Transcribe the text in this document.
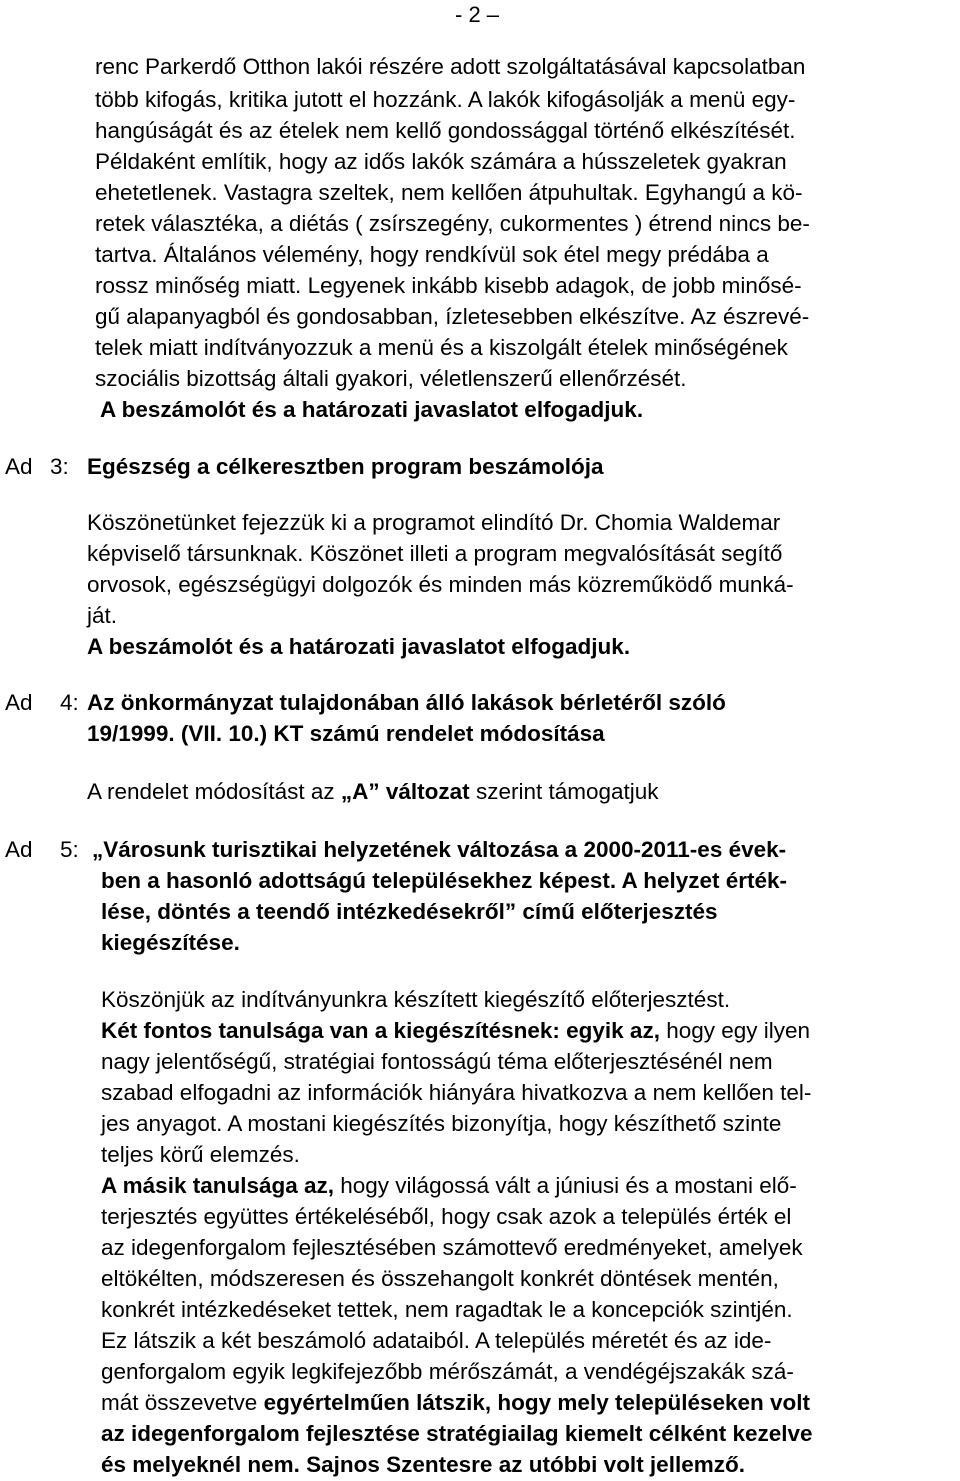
- 2 –
renc Parkerdő Otthon lakói részére adott szolgáltatásával kapcsolatban
több kifogás, kritika jutott el hozzánk. A lakók kifogásolják a menü egy-
hangúságát és az ételek nem kellő gondossággal történő elkészítését.
Példaként említik, hogy az idős lakók számára a hússzeletek gyakran
ehetetlenek. Vastagra szeltek, nem kellően átpuhultak. Egyhangú a kö-
retek választéka, a diétás ( zsírszegény, cukormentes ) étrend nincs be-
tartva. Általános vélemény, hogy rendkívül sok étel megy prédába a
rossz minőség miatt. Legyenek inkább kisebb adagok, de jobb minősé-
gű alapanyagból és gondosabban, ízletesebben elkészítve. Az észrevé-
telek miatt indítványozzuk a menü és a kiszolgált ételek minőségének
szociális bizottság általi gyakori, véletlenszerű ellenőrzését.
A beszámolót és a határozati javaslatot elfogadjuk.
Ad 3: Egészség a célkeresztben program beszámolója
Köszönetünket fejezzük ki a programot elindító Dr. Chomia Waldemar
képviselő társunknak. Köszönet illeti a program megvalósítását segítő
orvosok, egészségügyi dolgozók és minden más közreműködő munká-
ját.
A beszámolót és a határozati javaslatot elfogadjuk.
Ad 4: Az önkormányzat tulajdonában álló lakások bérletéről szóló
19/1999. (VII. 10.) KT számú rendelet módosítása
A rendelet módosítást az „A” változat szerint támogatjuk
Ad 5: „Városunk turisztikai helyzetének változása a 2000-2011-es évek-
ben a hasonló adottságú településekhez képest. A helyzet érték-
lése, döntés a teendő intézkedésekről” című előterjesztés
kiegészítése.
Köszönjük az indítványunkra készített kiegészítő előterjesztést.
Két fontos tanulsága van a kiegészítésnek: egyik az, hogy egy ilyen
nagy jelentőségű, stratégiai fontosságú téma előterjesztésénél nem
szabad elfogadni az információk hiányára hivatkozva a nem kellően tel-
jes anyagot. A mostani kiegészítés bizonyítja, hogy készíthető szinte
teljes körű elemzés.
A másik tanulsága az, hogy világossá vált a júniusi és a mostani elő-
terjesztés együttes értékeléséből, hogy csak azok a település érték el
az idegenforgalom fejlesztésében számottevő eredményeket, amelyek
eltökélten, módszeresen és összehangolt konkrét döntések mentén,
konkrét intézkedéseket tettek, nem ragadtak le a koncepciók szintjén.
Ez látszik a két beszámoló adataiból. A település méretét és az ide-
genforgalom egyik legkifejezőbb mérőszámát, a vendégéjszakák szá-
mát összevetve egyértelműen látszik, hogy mely településeken volt
az idegenforgalom fejlesztése stratégiailag kiemelt célként kezelve
és melyeknél nem. Sajnos Szentesre az utóbbi volt jellemző.
